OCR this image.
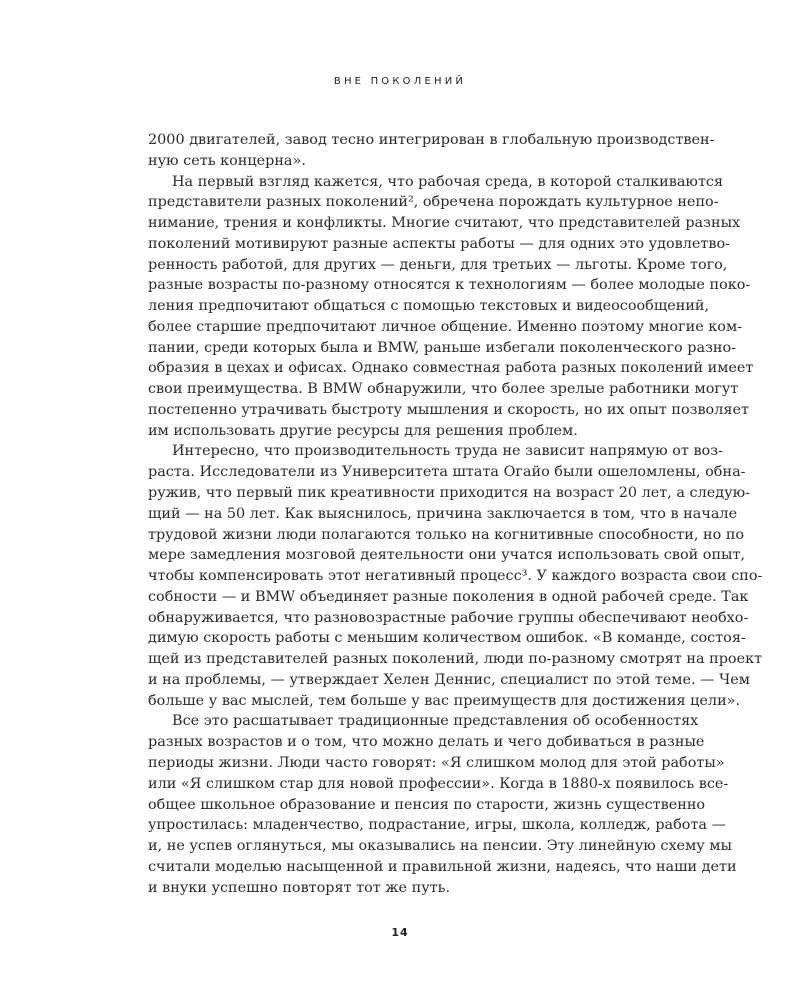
ВНЕ ПОКОЛЕНИЙ
2000 двигателей, завод тесно интегрирован в глобальную производствен-
ную сеть концерна».
На первый взгляд кажется, что рабочая среда, в которой сталкиваются
представители разных поколений², обречена порождать культурное непо-
нимание, трения и конфликты. Многие считают, что представителей разных
поколений мотивируют разные аспекты работы — для одних это удовлетво-
ренность работой, для других — деньги, для третьих — льготы. Кроме того,
разные возрасты по-разному относятся к технологиям — более молодые поко-
ления предпочитают общаться с помощью текстовых и видеосообщений,
более старшие предпочитают личное общение. Именно поэтому многие ком-
пании, среди которых была и BMW, раньше избегали поколенческого разно-
образия в цехах и офисах. Однако совместная работа разных поколений имеет
свои преимущества. В BMW обнаружили, что более зрелые работники могут
постепенно утрачивать быстроту мышления и скорость, но их опыт позволяет
им использовать другие ресурсы для решения проблем.
Интересно, что производительность труда не зависит напрямую от воз-
раста. Исследователи из Университета штата Огайо были ошеломлены, обна-
ружив, что первый пик креативности приходится на возраст 20 лет, а следую-
щий — на 50 лет. Как выяснилось, причина заключается в том, что в начале
трудовой жизни люди полагаются только на когнитивные способности, но по
мере замедления мозговой деятельности они учатся использовать свой опыт,
чтобы компенсировать этот негативный процесс³. У каждого возраста свои спо-
собности — и BMW объединяет разные поколения в одной рабочей среде. Так
обнаруживается, что разновозрастные рабочие группы обеспечивают необхо-
димую скорость работы с меньшим количеством ошибок. «В команде, состоя-
щей из представителей разных поколений, люди по-разному смотрят на проект
и на проблемы, — утверждает Хелен Деннис, специалист по этой теме. — Чем
больше у вас мыслей, тем больше у вас преимуществ для достижения цели».
Все это расшатывает традиционные представления об особенностях
разных возрастов и о том, что можно делать и чего добиваться в разные
периоды жизни. Люди часто говорят: «Я слишком молод для этой работы»
или «Я слишком стар для новой профессии». Когда в 1880-х появилось все-
общее школьное образование и пенсия по старости, жизнь существенно
упростилась: младенчество, подрастание, игры, школа, колледж, работа —
и, не успев оглянуться, мы оказывались на пенсии. Эту линейную схему мы
считали моделью насыщенной и правильной жизни, надеясь, что наши дети
и внуки успешно повторят тот же путь.
14
